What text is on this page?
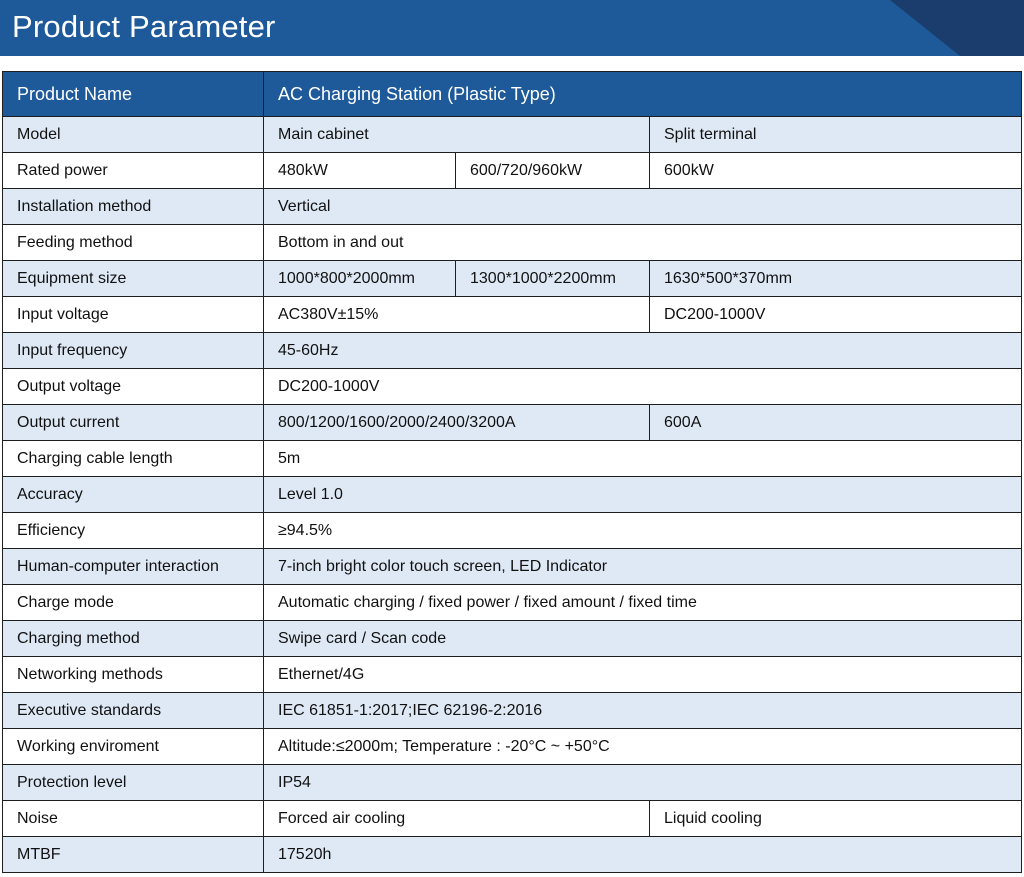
Product Parameter
Product Name	AC Charging Station (Plastic Type)		
Model	Main cabinet		Split terminal
Rated power	480kW	600/720/960kW	600kW
Installation method	Vertical		
Feeding method	Bottom in and out		
Equipment size	1000*800*2000mm	1300*1000*2200mm	1630*500*370mm
Input voltage	AC380V±15%		DC200-1000V
Input frequency	45-60Hz		
Output voltage	DC200-1000V		
Output current	800/1200/1600/2000/2400/3200A		600A
Charging cable length	5m		
Accuracy	Level 1.0		
Efficiency	≥94.5%		
Human-computer interaction	7-inch bright color touch screen, LED Indicator		
Charge mode	Automatic charging / fixed power / fixed amount / fixed time		
Charging method	Swipe card / Scan code		
Networking methods	Ethernet/4G		
Executive standards	IEC 61851-1:2017;IEC 62196-2:2016		
Working enviroment	Altitude:≤2000m; Temperature : -20°C ~ +50°C		
Protection level	IP54		
Noise	Forced air cooling		Liquid cooling
MTBF	17520h		
